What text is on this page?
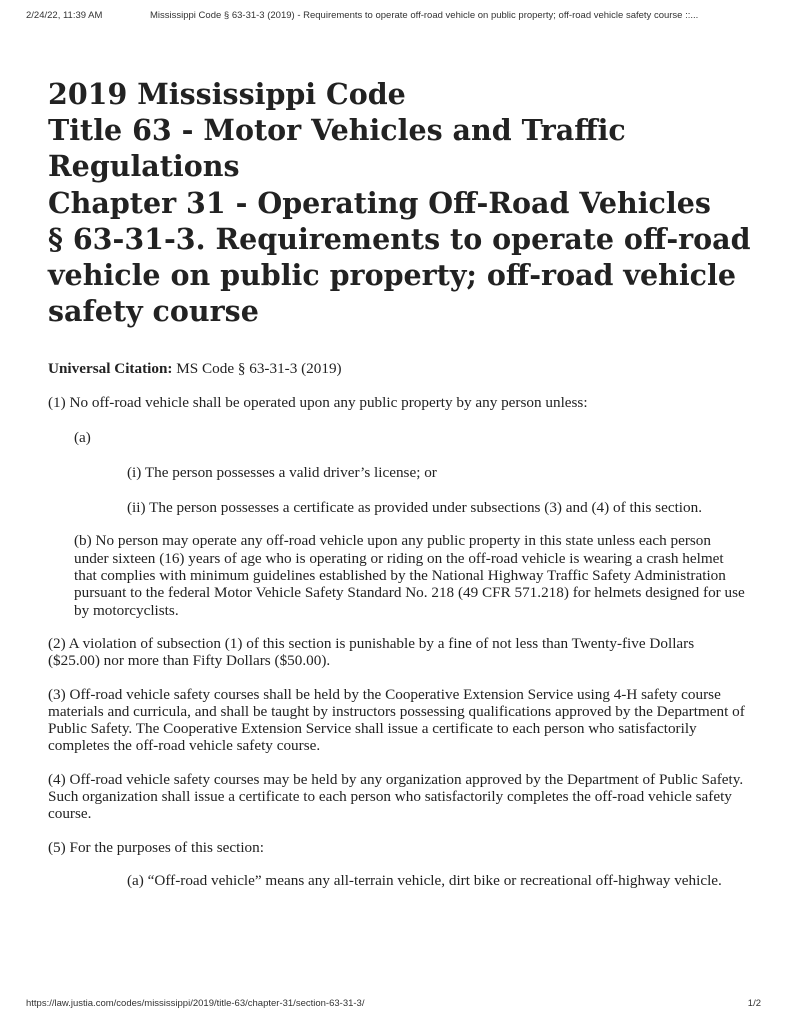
2/24/22, 11:39 AM	Mississippi Code § 63-31-3 (2019) - Requirements to operate off-road vehicle on public property; off-road vehicle safety course ::...
2019 Mississippi Code
Title 63 - Motor Vehicles and Traffic
Regulations
Chapter 31 - Operating Off-Road Vehicles
§ 63-31-3. Requirements to operate off-road
vehicle on public property; off-road vehicle
safety course

Universal Citation: MS Code § 63-31-3 (2019)

(1) No off-road vehicle shall be operated upon any public property by any person unless:

(a)

(i) The person possesses a valid driver’s license; or

(ii) The person possesses a certificate as provided under subsections (3) and (4) of this section.

(b) No person may operate any off-road vehicle upon any public property in this state unless each person under sixteen (16) years of age who is operating or riding on the off-road vehicle is wearing a crash helmet that complies with minimum guidelines established by the National Highway Traffic Safety Administration pursuant to the federal Motor Vehicle Safety Standard No. 218 (49 CFR 571.218) for helmets designed for use by motorcyclists.

(2) A violation of subsection (1) of this section is punishable by a fine of not less than Twenty-five Dollars ($25.00) nor more than Fifty Dollars ($50.00).

(3) Off-road vehicle safety courses shall be held by the Cooperative Extension Service using 4-H safety course materials and curricula, and shall be taught by instructors possessing qualifications approved by the Department of Public Safety. The Cooperative Extension Service shall issue a certificate to each person who satisfactorily completes the off-road vehicle safety course.

(4) Off-road vehicle safety courses may be held by any organization approved by the Department of Public Safety. Such organization shall issue a certificate to each person who satisfactorily completes the off-road vehicle safety course.

(5) For the purposes of this section:

(a) “Off-road vehicle” means any all-terrain vehicle, dirt bike or recreational off-highway vehicle.

https://law.justia.com/codes/mississippi/2019/title-63/chapter-31/section-63-31-3/	1/2
